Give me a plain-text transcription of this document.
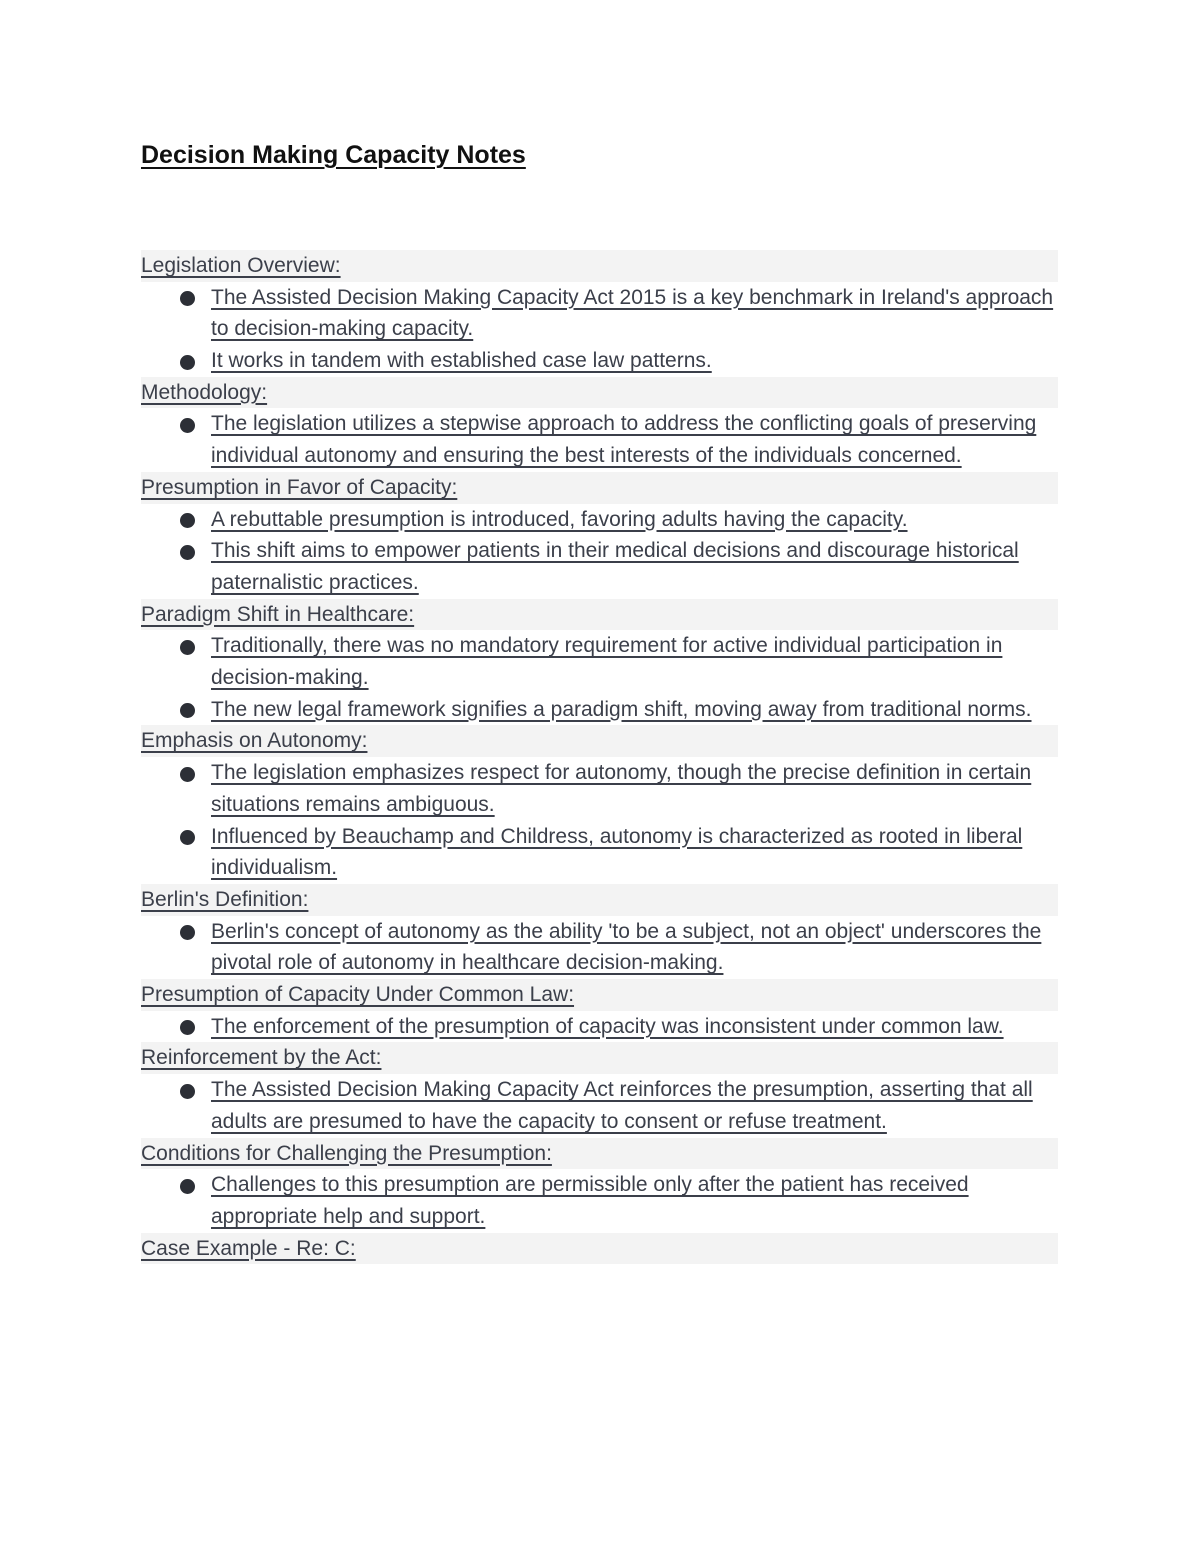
Decision Making Capacity Notes
Legislation Overview:
The Assisted Decision Making Capacity Act 2015 is a key benchmark in Ireland's approach to decision-making capacity.
It works in tandem with established case law patterns.
Methodology:
The legislation utilizes a stepwise approach to address the conflicting goals of preserving individual autonomy and ensuring the best interests of the individuals concerned.
Presumption in Favor of Capacity:
A rebuttable presumption is introduced, favoring adults having the capacity.
This shift aims to empower patients in their medical decisions and discourage historical paternalistic practices.
Paradigm Shift in Healthcare:
Traditionally, there was no mandatory requirement for active individual participation in decision-making.
The new legal framework signifies a paradigm shift, moving away from traditional norms.
Emphasis on Autonomy:
The legislation emphasizes respect for autonomy, though the precise definition in certain situations remains ambiguous.
Influenced by Beauchamp and Childress, autonomy is characterized as rooted in liberal individualism.
Berlin's Definition:
Berlin's concept of autonomy as the ability 'to be a subject, not an object' underscores the pivotal role of autonomy in healthcare decision-making.
Presumption of Capacity Under Common Law:
The enforcement of the presumption of capacity was inconsistent under common law.
Reinforcement by the Act:
The Assisted Decision Making Capacity Act reinforces the presumption, asserting that all adults are presumed to have the capacity to consent or refuse treatment.
Conditions for Challenging the Presumption:
Challenges to this presumption are permissible only after the patient has received appropriate help and support.
Case Example - Re: C:
